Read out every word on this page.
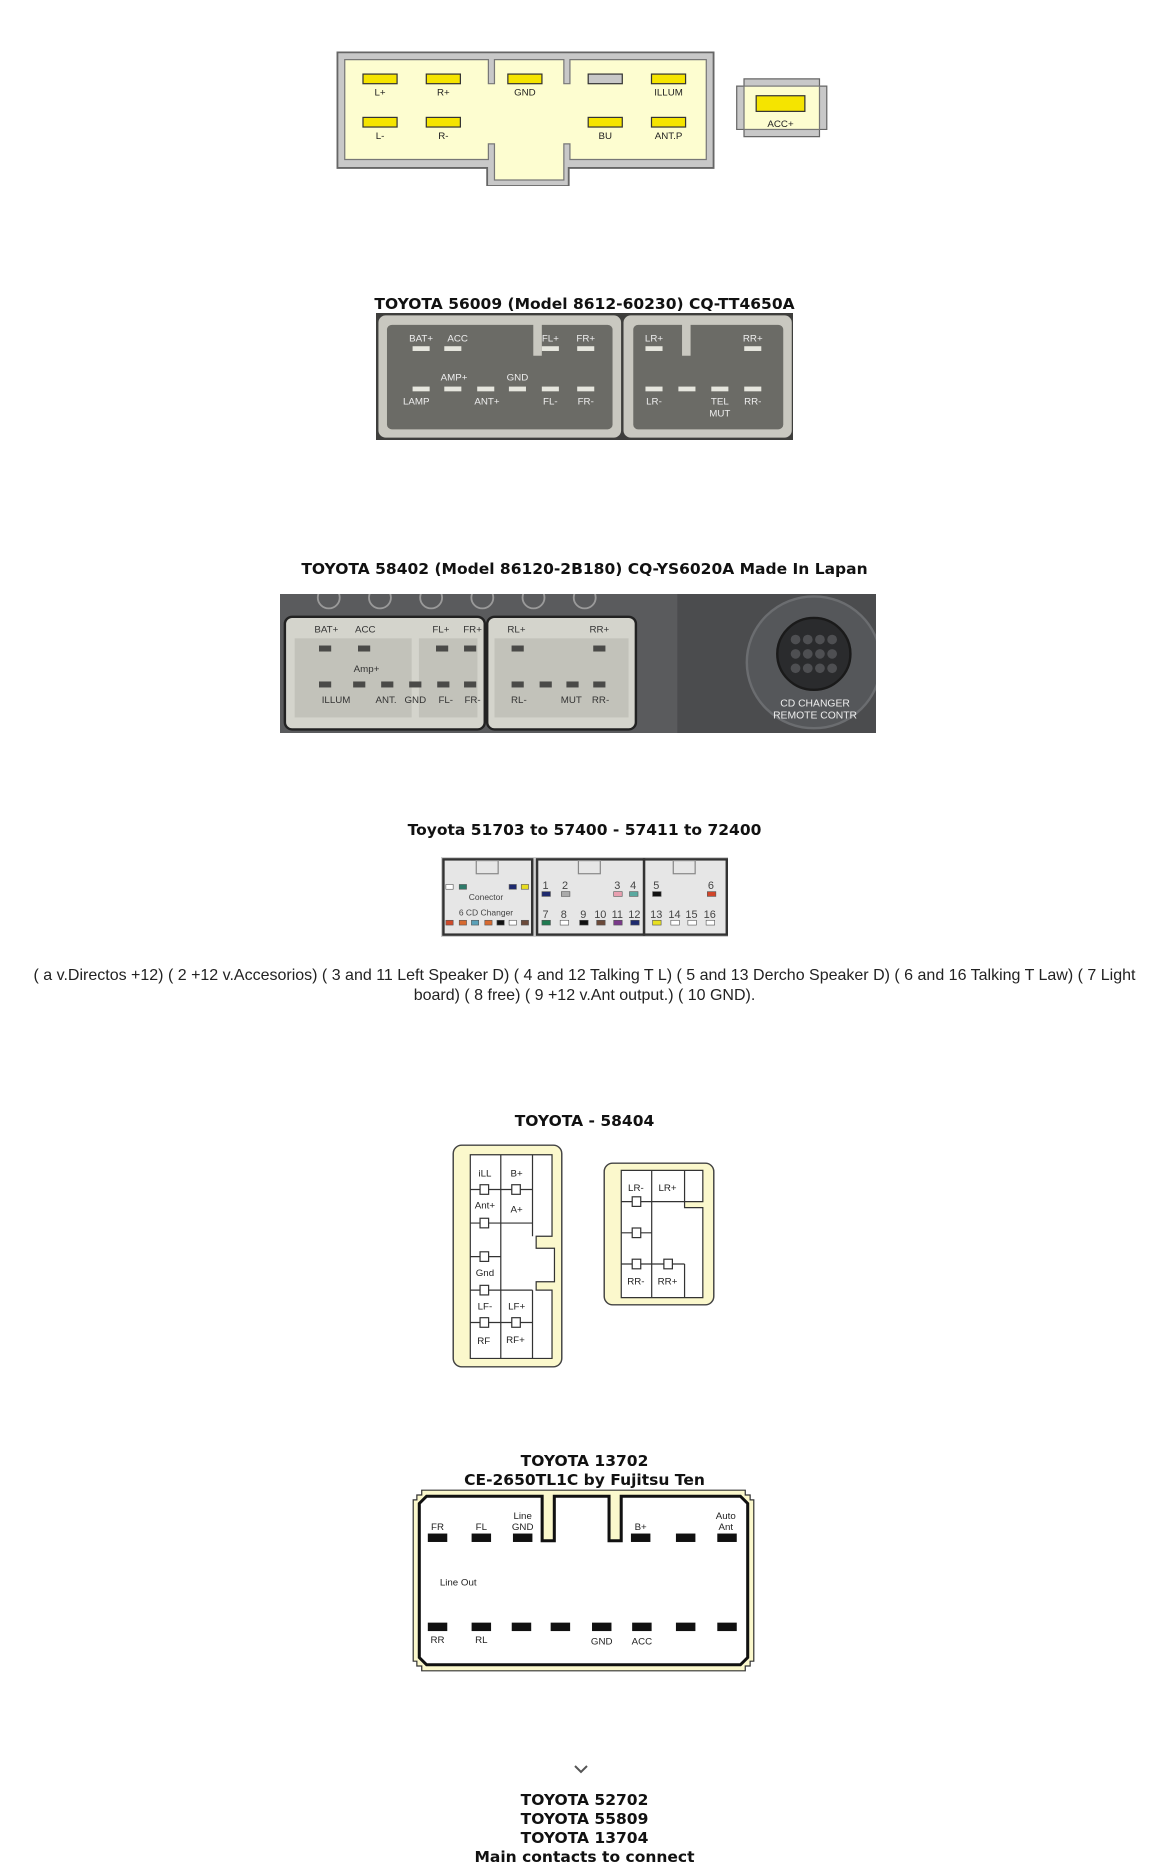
L+	R+	GND	ILLUM
L-	R-	BU	ANT.P
ACC+
TOYOTA 56009 (Model 8612-60230) CQ-TT4650A
BAT+ ACC	FL+ FR+	LR+	RR+
AMP+	GND
LAMP	ANT+	FL- FR-	LR-	TEL
MUT
RR-
TOYOTA 58402 (Model 86120-2B180) CQ-YS6020A Made In Lapan
BAT+ ACC	FL+ FR+	RL+	RR+
Amp+
ILLUM	ANT. GND FL- FR-	RL-	MUT RR-	CD CHANGER
REMOTE CONTR
Toyota 51703 to 57400 - 57411 to 72400
Conector
6 CD Changer
1 2	3 4
7 8 9 10 11 12
5	6
13 14 15 16
( a v.Directos +12) ( 2 +12 v.Accesorios) ( 3 and 11 Left Speaker D) ( 4 and 12 Talking T L) ( 5 and 13 Dercho Speaker D) ( 6 and 16 Talking T Law) ( 7 Light board) ( 8 free) ( 9 +12 v.Ant output.) ( 10 GND).
TOYOTA - 58404
iLL B+
Ant+ A+
Gnd
LF- LF+
RF RF+
LR- LR+
RR- RR+
TOYOTA 13702
CE-2650TL1C by Fujitsu Ten
FR	FL
Line
GND	B+
Auto
Ant
Line Out
RR	RL	GND ACC
TOYOTA 52702
TOYOTA 55809
TOYOTA 13704
Main contacts to connect
